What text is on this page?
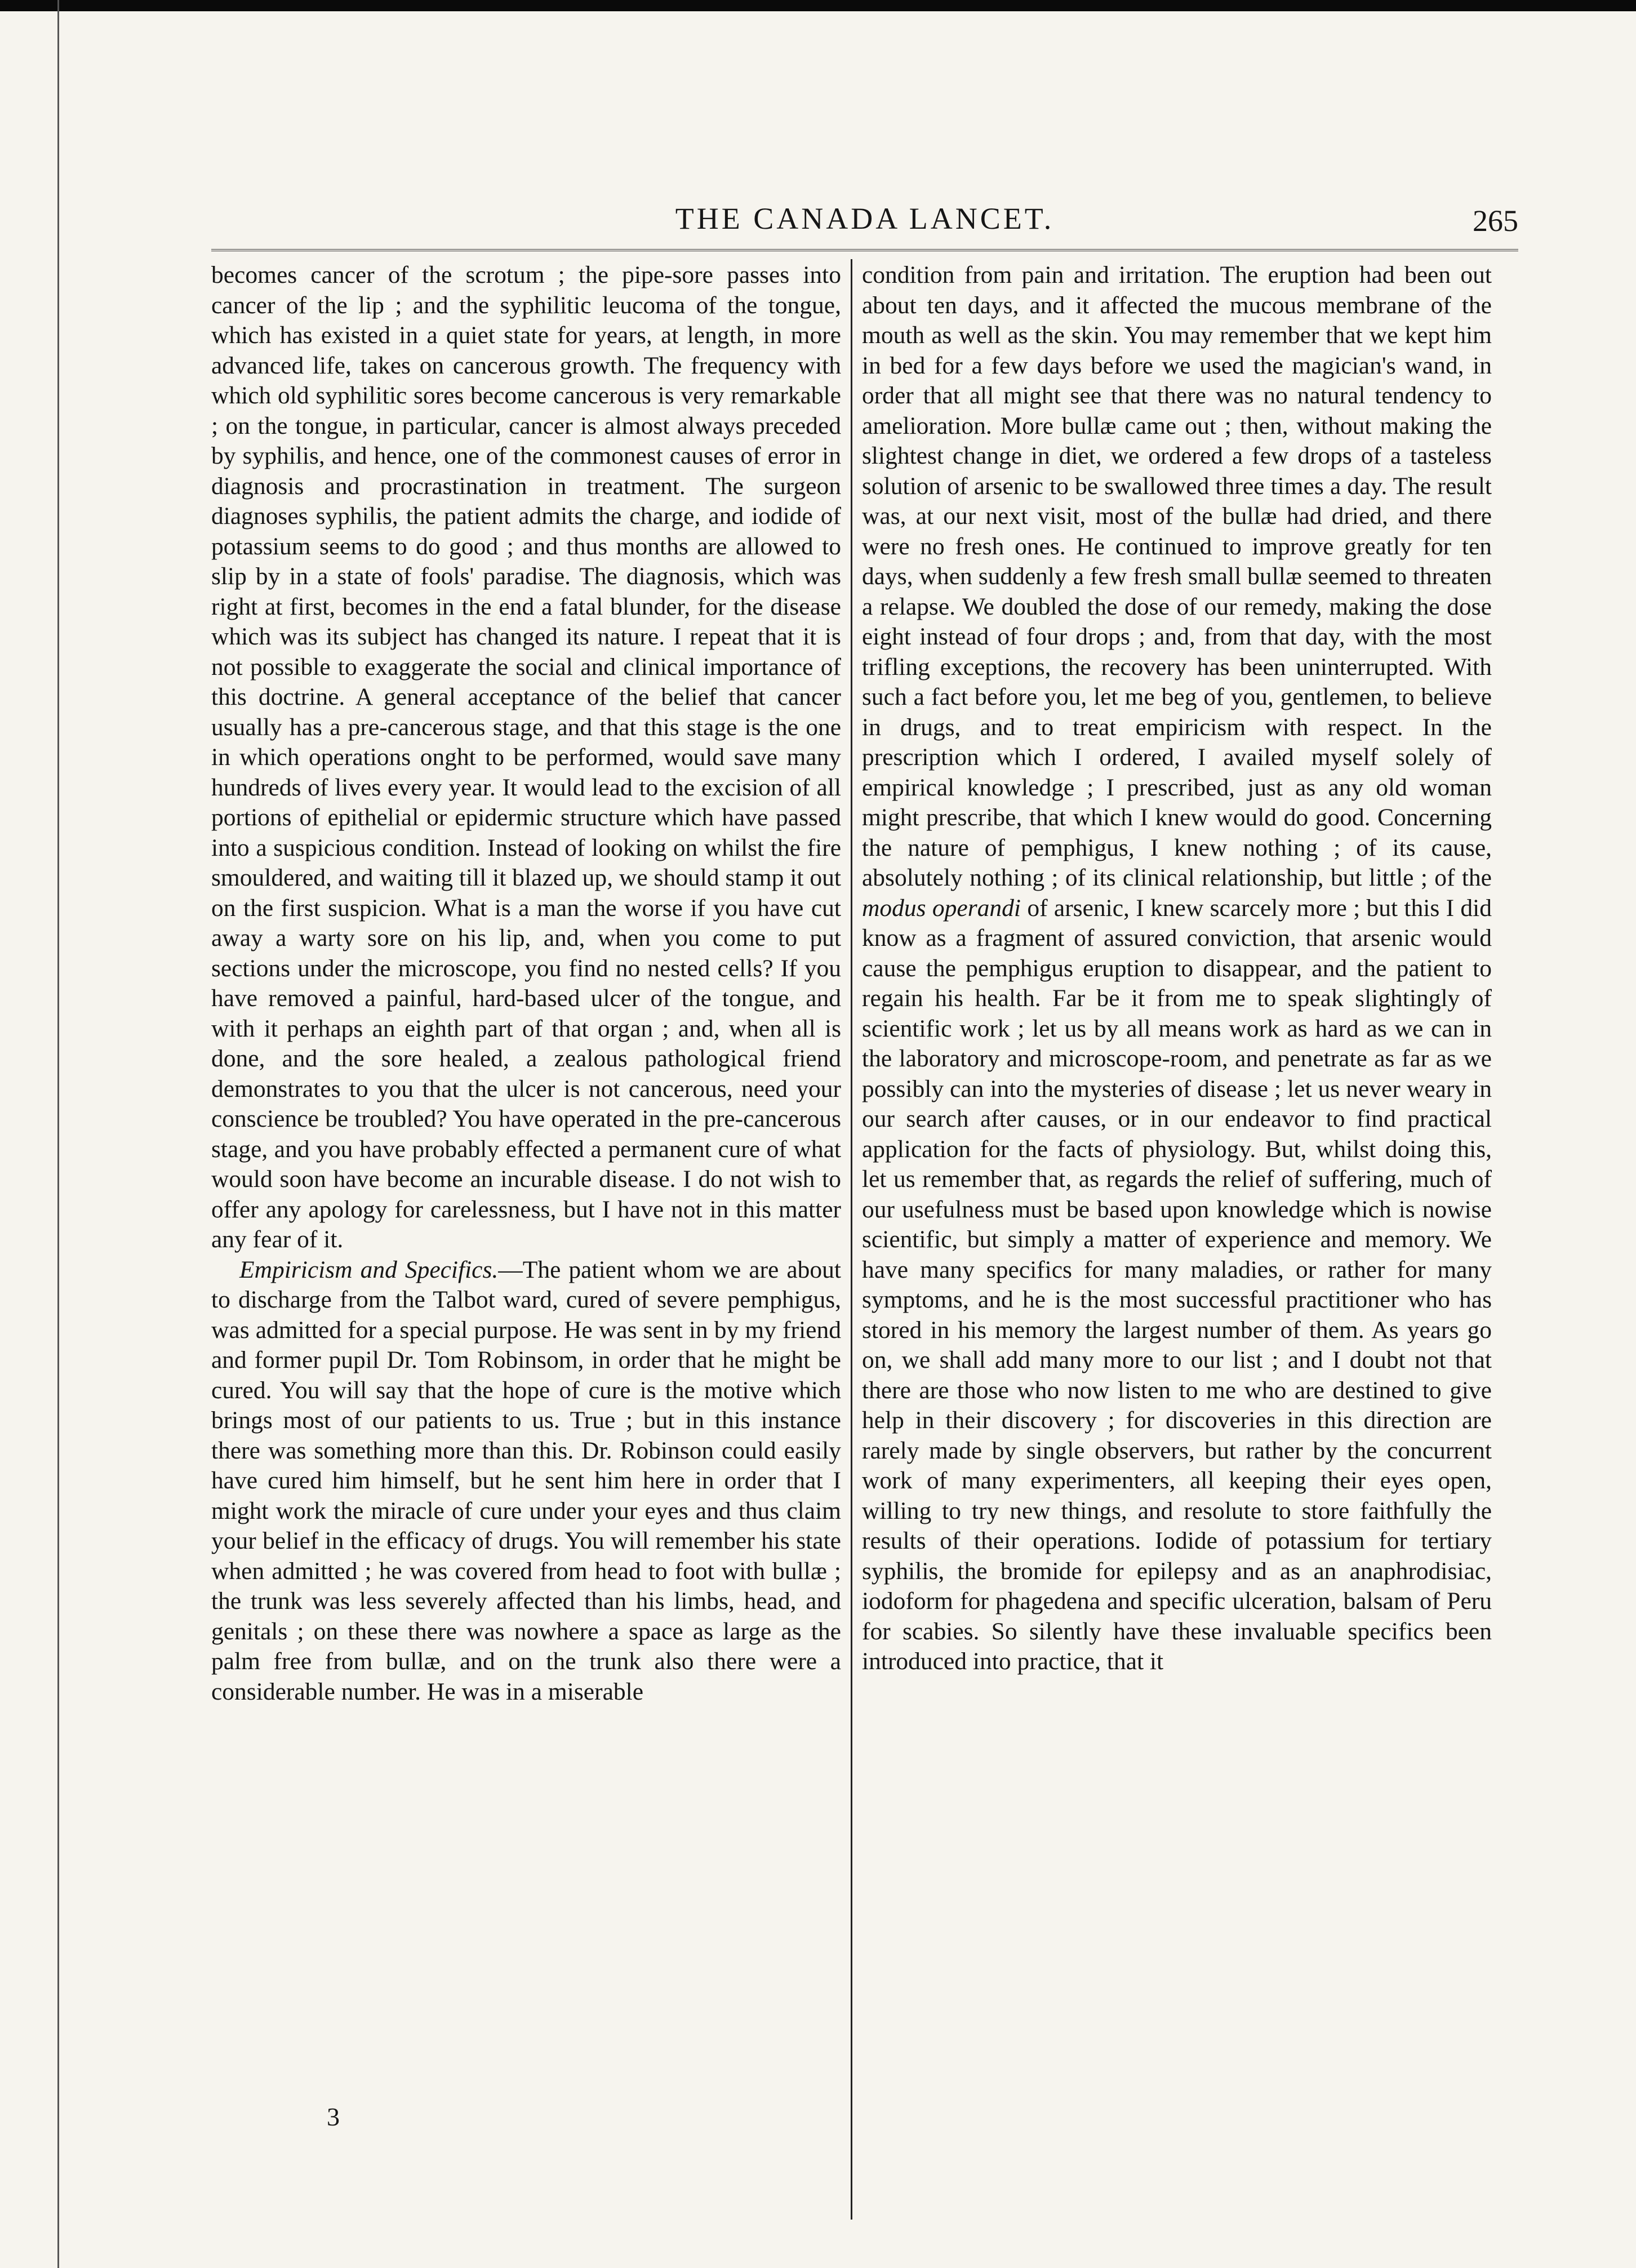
THE CANADA LANCET.	265

becomes cancer of the scrotum ; the pipe-sore passes into cancer of the lip ; and the syphilitic leucoma of the tongue, which has existed in a quiet state for years, at length, in more advanced life, takes on cancerous growth. The frequency with which old syphilitic sores become cancerous is very remarkable ; on the tongue, in particular, cancer is almost always preceded by syphilis, and hence, one of the commonest causes of error in diagnosis and procrastination in treatment. The surgeon diagnoses syphilis, the patient admits the charge, and iodide of potassium seems to do good ; and thus months are allowed to slip by in a state of fools' paradise. The diagnosis, which was right at first, becomes in the end a fatal blunder, for the disease which was its subject has changed its nature. I repeat that it is not possible to exaggerate the social and clinical importance of this doctrine. A general acceptance of the belief that cancer usually has a pre-cancerous stage, and that this stage is the one in which operations onght to be performed, would save many hundreds of lives every year. It would lead to the excision of all portions of epithelial or epidermic structure which have passed into a suspicious condition. Instead of looking on whilst the fire smouldered, and waiting till it blazed up, we should stamp it out on the first suspicion. What is a man the worse if you have cut away a warty sore on his lip, and, when you come to put sections under the microscope, you find no nested cells? If you have removed a painful, hard-based ulcer of the tongue, and with it perhaps an eighth part of that organ ; and, when all is done, and the sore healed, a zealous pathological friend demonstrates to you that the ulcer is not cancerous, need your conscience be troubled? You have operated in the pre-cancerous stage, and you have probably effected a permanent cure of what would soon have become an incurable disease. I do not wish to offer any apology for carelessness, but I have not in this matter any fear of it.

Empiricism and Specifics.—The patient whom we are about to discharge from the Talbot ward, cured of severe pemphigus, was admitted for a special purpose. He was sent in by my friend and former pupil Dr. Tom Robinsom, in order that he might be cured. You will say that the hope of cure is the motive which brings most of our patients to us. True ; but in this instance there was something more than this. Dr. Robinson could easily have cured him himself, but he sent him here in order that I might work the miracle of cure under your eyes and thus claim your belief in the efficacy of drugs. You will remember his state when admitted ; he was covered from head to foot with bullæ ; the trunk was less severely affected than his limbs, head, and genitals ; on these there was nowhere a space as large as the palm free from bullæ, and on the trunk also there were a considerable number. He was in a miserable

condition from pain and irritation. The eruption had been out about ten days, and it affected the mucous membrane of the mouth as well as the skin. You may remember that we kept him in bed for a few days before we used the magician's wand, in order that all might see that there was no natural tendency to amelioration. More bullæ came out ; then, without making the slightest change in diet, we ordered a few drops of a tasteless solution of arsenic to be swallowed three times a day. The result was, at our next visit, most of the bullæ had dried, and there were no fresh ones. He continued to improve greatly for ten days, when suddenly a few fresh small bullæ seemed to threaten a relapse. We doubled the dose of our remedy, making the dose eight instead of four drops ; and, from that day, with the most trifling exceptions, the recovery has been uninterrupted. With such a fact before you, let me beg of you, gentlemen, to believe in drugs, and to treat empiricism with respect. In the prescription which I ordered, I availed myself solely of empirical knowledge ; I prescribed, just as any old woman might prescribe, that which I knew would do good. Concerning the nature of pemphigus, I knew nothing ; of its cause, absolutely nothing ; of its clinical relationship, but little ; of the modus operandi of arsenic, I knew scarcely more ; but this I did know as a fragment of assured conviction, that arsenic would cause the pemphigus eruption to disappear, and the patient to regain his health. Far be it from me to speak slightingly of scientific work ; let us by all means work as hard as we can in the laboratory and microscope-room, and penetrate as far as we possibly can into the mysteries of disease ; let us never weary in our search after causes, or in our endeavor to find practical application for the facts of physiology. But, whilst doing this, let us remember that, as regards the relief of suffering, much of our usefulness must be based upon knowledge which is nowise scientific, but simply a matter of experience and memory. We have many specifics for many maladies, or rather for many symptoms, and he is the most successful practitioner who has stored in his memory the largest number of them. As years go on, we shall add many more to our list ; and I doubt not that there are those who now listen to me who are destined to give help in their discovery ; for discoveries in this direction are rarely made by single observers, but rather by the concurrent work of many experimenters, all keeping their eyes open, willing to try new things, and resolute to store faithfully the results of their operations. Iodide of potassium for tertiary syphilis, the bromide for epilepsy and as an anaphrodisiac, iodoform for phagedena and specific ulceration, balsam of Peru for scabies. So silently have these invaluable specifics been introduced into practice, that it

3
